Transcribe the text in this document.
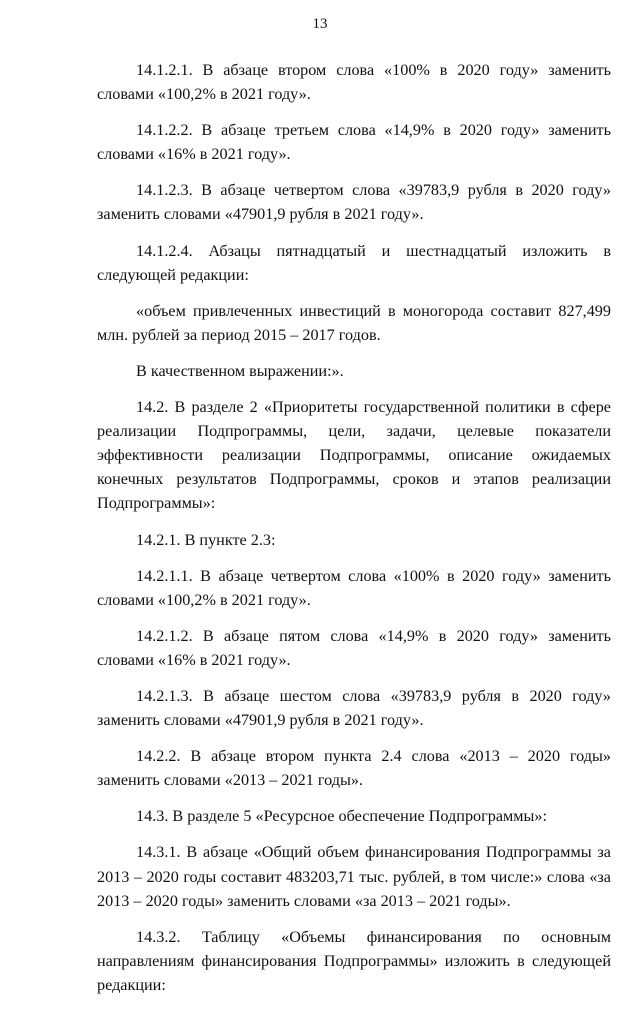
13

14.1.2.1. В абзаце втором слова «100% в 2020 году» заменить словами «100,2% в 2021 году».

14.1.2.2. В абзаце третьем слова «14,9% в 2020 году» заменить словами «16% в 2021 году».

14.1.2.3. В абзаце четвертом слова «39783,9 рубля в 2020 году» заменить словами «47901,9 рубля в 2021 году».

14.1.2.4. Абзацы пятнадцатый и шестнадцатый изложить в следующей редакции:

«объем привлеченных инвестиций в моногорода составит 827,499 млн. рублей за период 2015 – 2017 годов.

В качественном выражении:».

14.2. В разделе 2 «Приоритеты государственной политики в сфере реализации Подпрограммы, цели, задачи, целевые показатели эффективности реализации Подпрограммы, описание ожидаемых конечных результатов Подпрограммы, сроков и этапов реализации Подпрограммы»:

14.2.1. В пункте 2.3:

14.2.1.1. В абзаце четвертом слова «100% в 2020 году» заменить словами «100,2% в 2021 году».

14.2.1.2. В абзаце пятом слова «14,9% в 2020 году» заменить словами «16% в 2021 году».

14.2.1.3. В абзаце шестом слова «39783,9 рубля в 2020 году» заменить словами «47901,9 рубля в 2021 году».

14.2.2. В абзаце втором пункта 2.4 слова «2013 – 2020 годы» заменить словами «2013 – 2021 годы».

14.3. В разделе 5 «Ресурсное обеспечение Подпрограммы»:

14.3.1. В абзаце «Общий объем финансирования Подпрограммы за 2013 – 2020 годы составит 483203,71 тыс. рублей, в том числе:» слова «за 2013 – 2020 годы» заменить словами «за 2013 – 2021 годы».

14.3.2. Таблицу «Объемы финансирования по основным направлениям финансирования Подпрограммы» изложить в следующей редакции:
